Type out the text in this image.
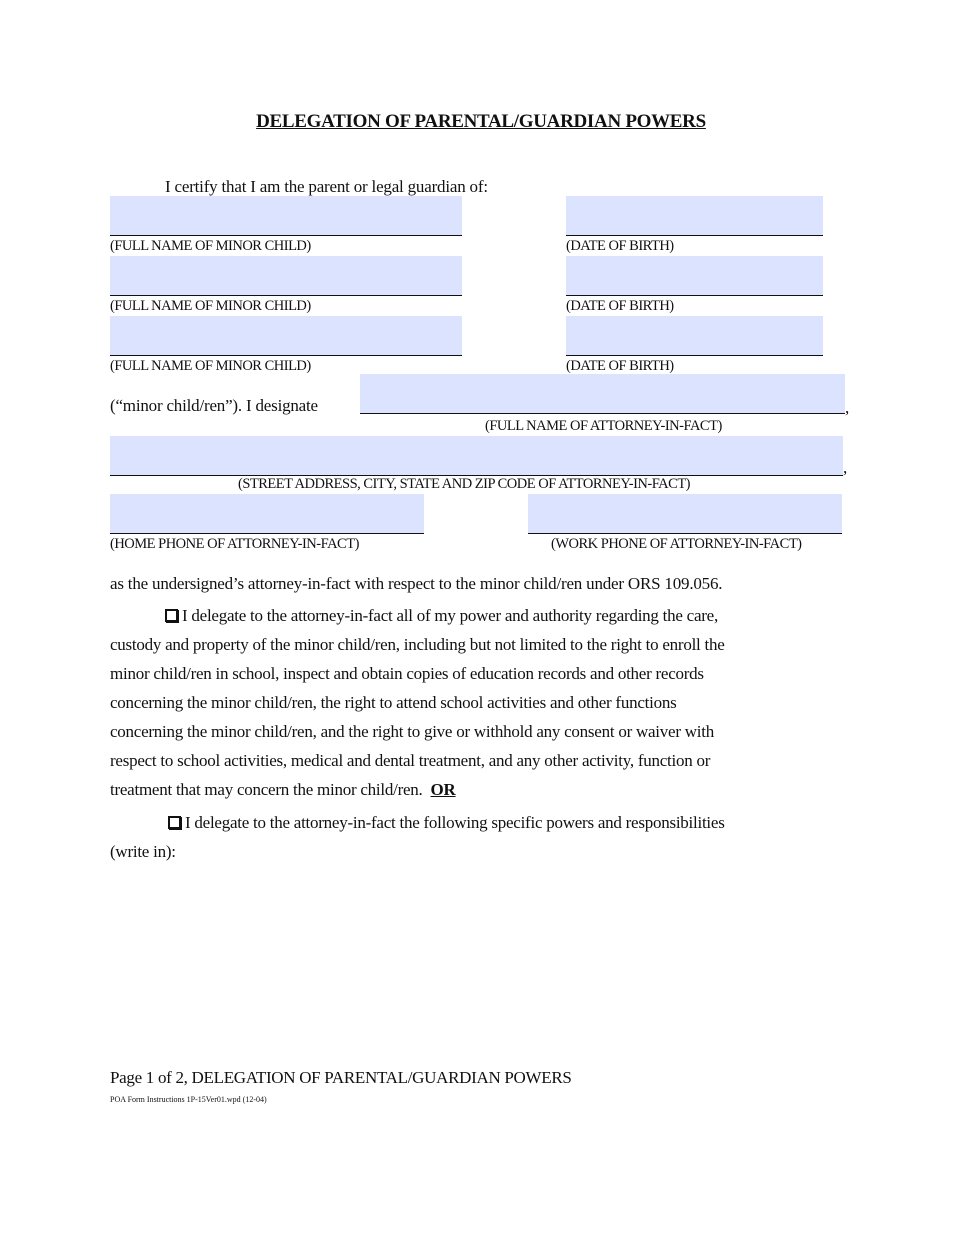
DELEGATION OF PARENTAL/GUARDIAN POWERS
I certify that I am the parent or legal guardian of:
(FULL NAME OF MINOR CHILD)	(DATE OF BIRTH)
(FULL NAME OF MINOR CHILD)	(DATE OF BIRTH)
(FULL NAME OF MINOR CHILD)	(DATE OF BIRTH)
(“minor child/ren”). I designate	,
(FULL NAME OF ATTORNEY-IN-FACT)
,
(STREET ADDRESS, CITY, STATE AND ZIP CODE OF ATTORNEY-IN-FACT)
(HOME PHONE OF ATTORNEY-IN-FACT)	(WORK PHONE OF ATTORNEY-IN-FACT)
as the undersigned’s attorney-in-fact with respect to the minor child/ren under ORS 109.056.
I delegate to the attorney-in-fact all of my power and authority regarding the care,
custody and property of the minor child/ren, including but not limited to the right to enroll the
minor child/ren in school, inspect and obtain copies of education records and other records
concerning the minor child/ren, the right to attend school activities and other functions
concerning the minor child/ren, and the right to give or withhold any consent or waiver with
respect to school activities, medical and dental treatment, and any other activity, function or
treatment that may concern the minor child/ren. OR
I delegate to the attorney-in-fact the following specific powers and responsibilities
(write in):
Page 1 of 2, DELEGATION OF PARENTAL/GUARDIAN POWERS
POA Form Instructions 1P-15Ver01.wpd (12-04)
